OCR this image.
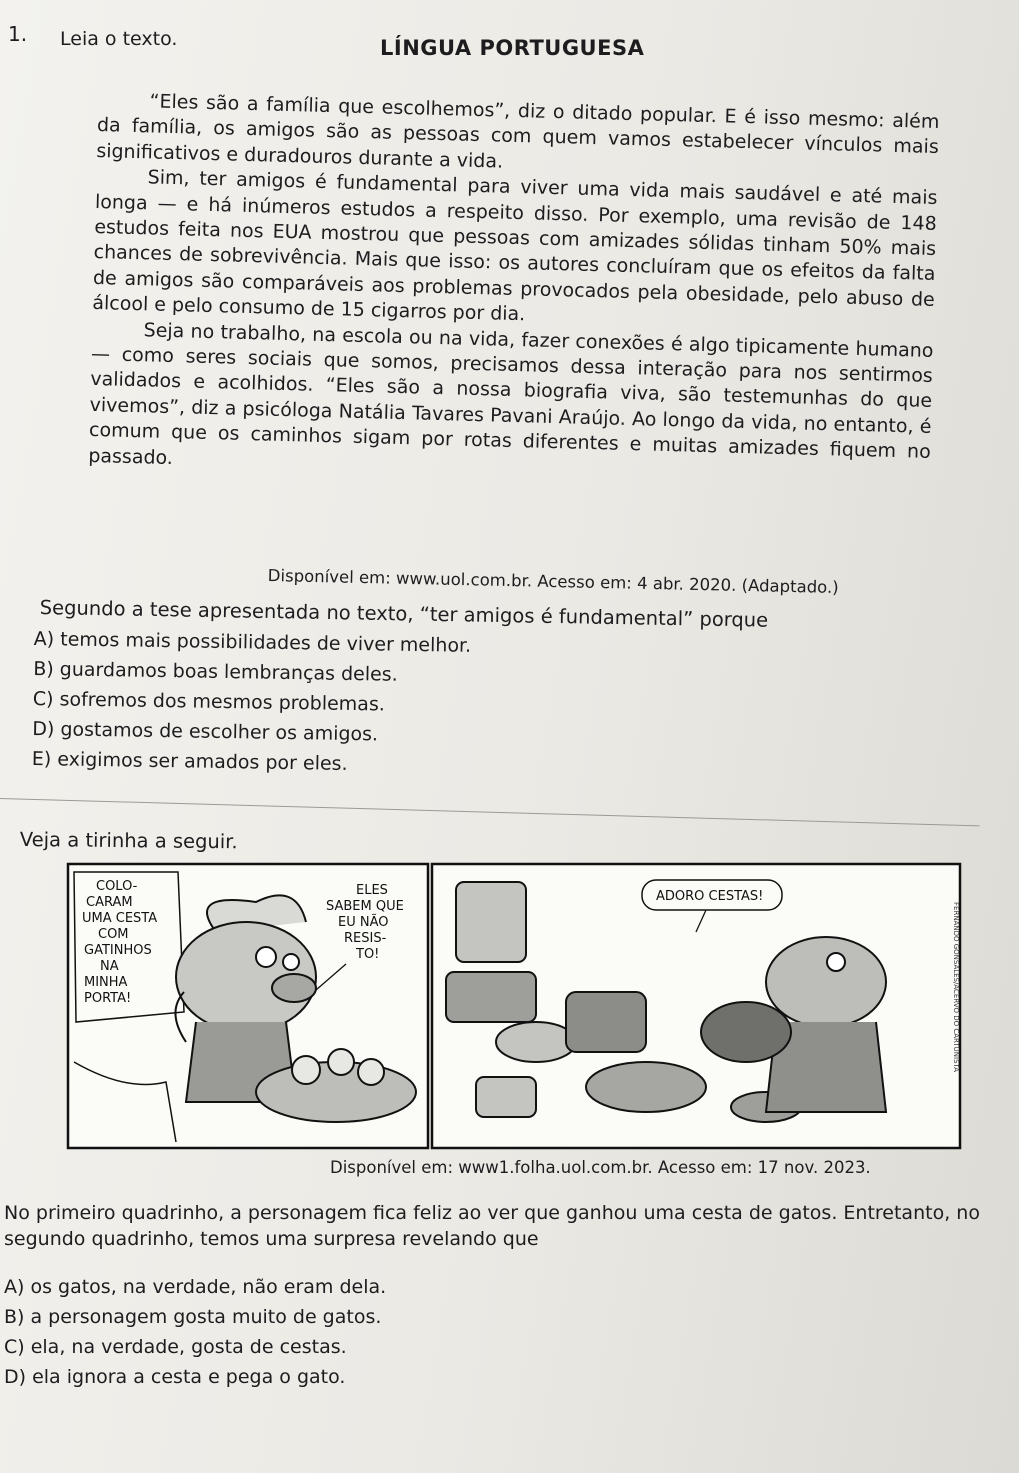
1. Leia o texto.	LÍNGUA PORTUGUESA

“Eles são a família que escolhemos”, diz o ditado popular. E é isso mesmo: além da família, os amigos são as pessoas com quem vamos estabelecer vínculos mais significativos e duradouros durante a vida.

Sim, ter amigos é fundamental para viver uma vida mais saudável e até mais longa — e há inúmeros estudos a respeito disso. Por exemplo, uma revisão de 148 estudos feita nos EUA mostrou que pessoas com amizades sólidas tinham 50% mais chances de sobrevivência. Mais que isso: os autores concluíram que os efeitos da falta de amigos são comparáveis aos problemas provocados pela obesidade, pelo abuso de álcool e pelo consumo de 15 cigarros por dia.

Seja no trabalho, na escola ou na vida, fazer conexões é algo tipicamente humano — como seres sociais que somos, precisamos dessa interação para nos sentirmos validados e acolhidos. “Eles são a nossa biografia viva, são testemunhas do que vivemos”, diz a psicóloga Natália Tavares Pavani Araújo. Ao longo da vida, no entanto, é comum que os caminhos sigam por rotas diferentes e muitas amizades fiquem no passado.

Disponível em: www.uol.com.br. Acesso em: 4 abr. 2020. (Adaptado.)
Segundo a tese apresentada no texto, “ter amigos é fundamental” porque
A) temos mais possibilidades de viver melhor.
B) guardamos boas lembranças deles.
C) sofremos dos mesmos problemas.
D) gostamos de escolher os amigos.
E) exigimos ser amados por eles.
Veja a tirinha a seguir.
COLO-
CARAM
UMA CESTA
COM
GATINHOS
NA
MINHA
PORTA!
ELES
SABEM QUE
EU NÃO
RESIS-
TO!
ADORO CESTAS!
FERNANDO GONSALES/ACERVO DO CARTUNISTA
Disponível em: www1.folha.uol.com.br. Acesso em: 17 nov. 2023.

No primeiro quadrinho, a personagem fica feliz ao ver que ganhou uma cesta de gatos. Entretanto, no segundo quadrinho, temos uma surpresa revelando que

A) os gatos, na verdade, não eram dela.
B) a personagem gosta muito de gatos.
C) ela, na verdade, gosta de cestas.
D) ela ignora a cesta e pega o gato.
